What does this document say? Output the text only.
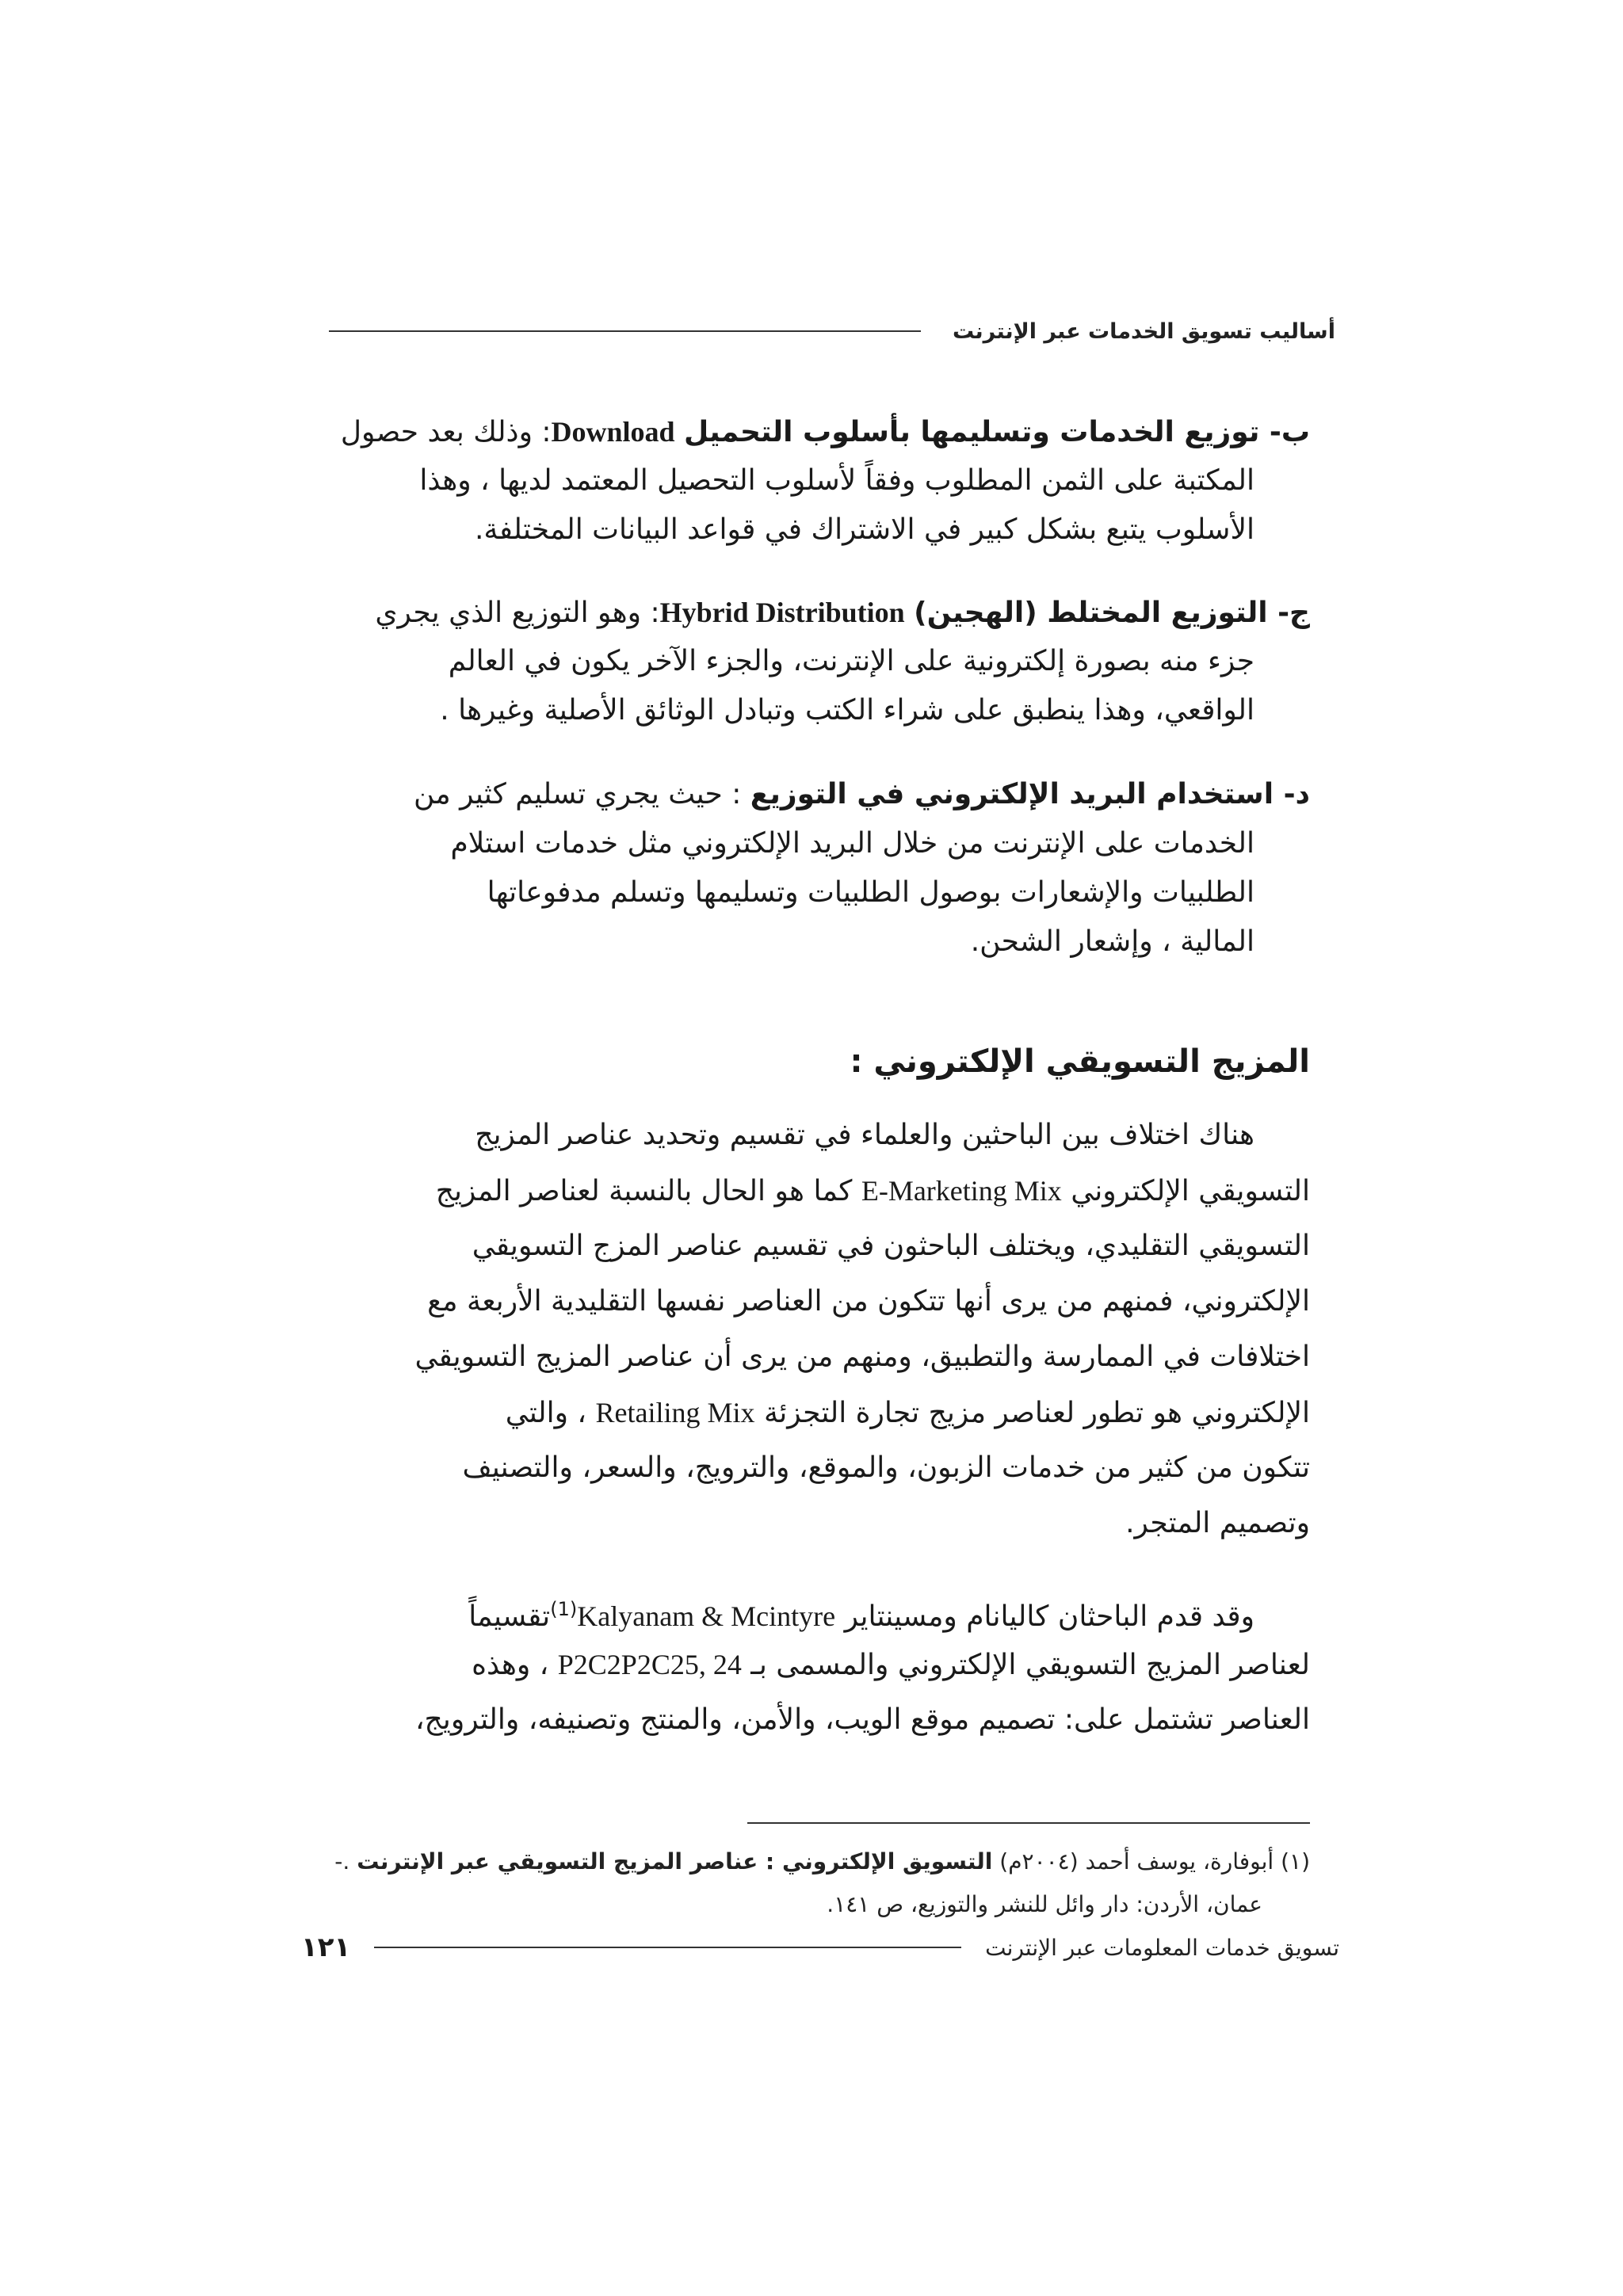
أساليب تسويق الخدمات عبر الإنترنت
ب- توزيع الخدمات وتسليمها بأسلوب التحميل Download: وذلك بعد حصول
المكتبة على الثمن المطلوب وفقاً لأسلوب التحصيل المعتمد لديها ، وهذا
الأسلوب يتبع بشكل كبير في الاشتراك في قواعد البيانات المختلفة.
ج- التوزيع المختلط (الهجين) Hybrid Distribution: وهو التوزيع الذي يجري
جزء منه بصورة إلكترونية على الإنترنت، والجزء الآخر يكون في العالم
الواقعي، وهذا ينطبق على شراء الكتب وتبادل الوثائق الأصلية وغيرها .
د- استخدام البريد الإلكتروني في التوزيع : حيث يجري تسليم كثير من
الخدمات على الإنترنت من خلال البريد الإلكتروني مثل خدمات استلام
الطلبيات والإشعارات بوصول الطلبيات وتسليمها وتسلم مدفوعاتها
المالية ، وإشعار الشحن.
المزيج التسويقي الإلكتروني :
هناك اختلاف بين الباحثين والعلماء في تقسيم وتحديد عناصر المزيج
التسويقي الإلكتروني E-Marketing Mix كما هو الحال بالنسبة لعناصر المزيج
التسويقي التقليدي، ويختلف الباحثون في تقسيم عناصر المزج التسويقي
الإلكتروني، فمنهم من يرى أنها تتكون من العناصر نفسها التقليدية الأربعة مع
اختلافات في الممارسة والتطبيق، ومنهم من يرى أن عناصر المزيج التسويقي
الإلكتروني هو تطور لعناصر مزيج تجارة التجزئة Retailing Mix ، والتي
تتكون من كثير من خدمات الزبون، والموقع، والترويج، والسعر، والتصنيف
وتصميم المتجر.
وقد قدم الباحثان كاليانام ومسينتاير Kalyanam & Mcintyre$^{(1)}$تقسيماً
لعناصر المزيج التسويقي الإلكتروني والمسمى بـ P2C2P2C25, 24 ، وهذه
العناصر تشتمل على: تصميم موقع الويب، والأمن، والمنتج وتصنيفه، والترويج،
(١) أبوفارة، يوسف أحمد (٢٠٠٤م) التسويق الإلكتروني : عناصر المزيج التسويقي عبر الإنترنت .-
عمان، الأردن: دار وائل للنشر والتوزيع، ص ١٤١.
تسويق خدمات المعلومات عبر الإنترنت
١٢١
